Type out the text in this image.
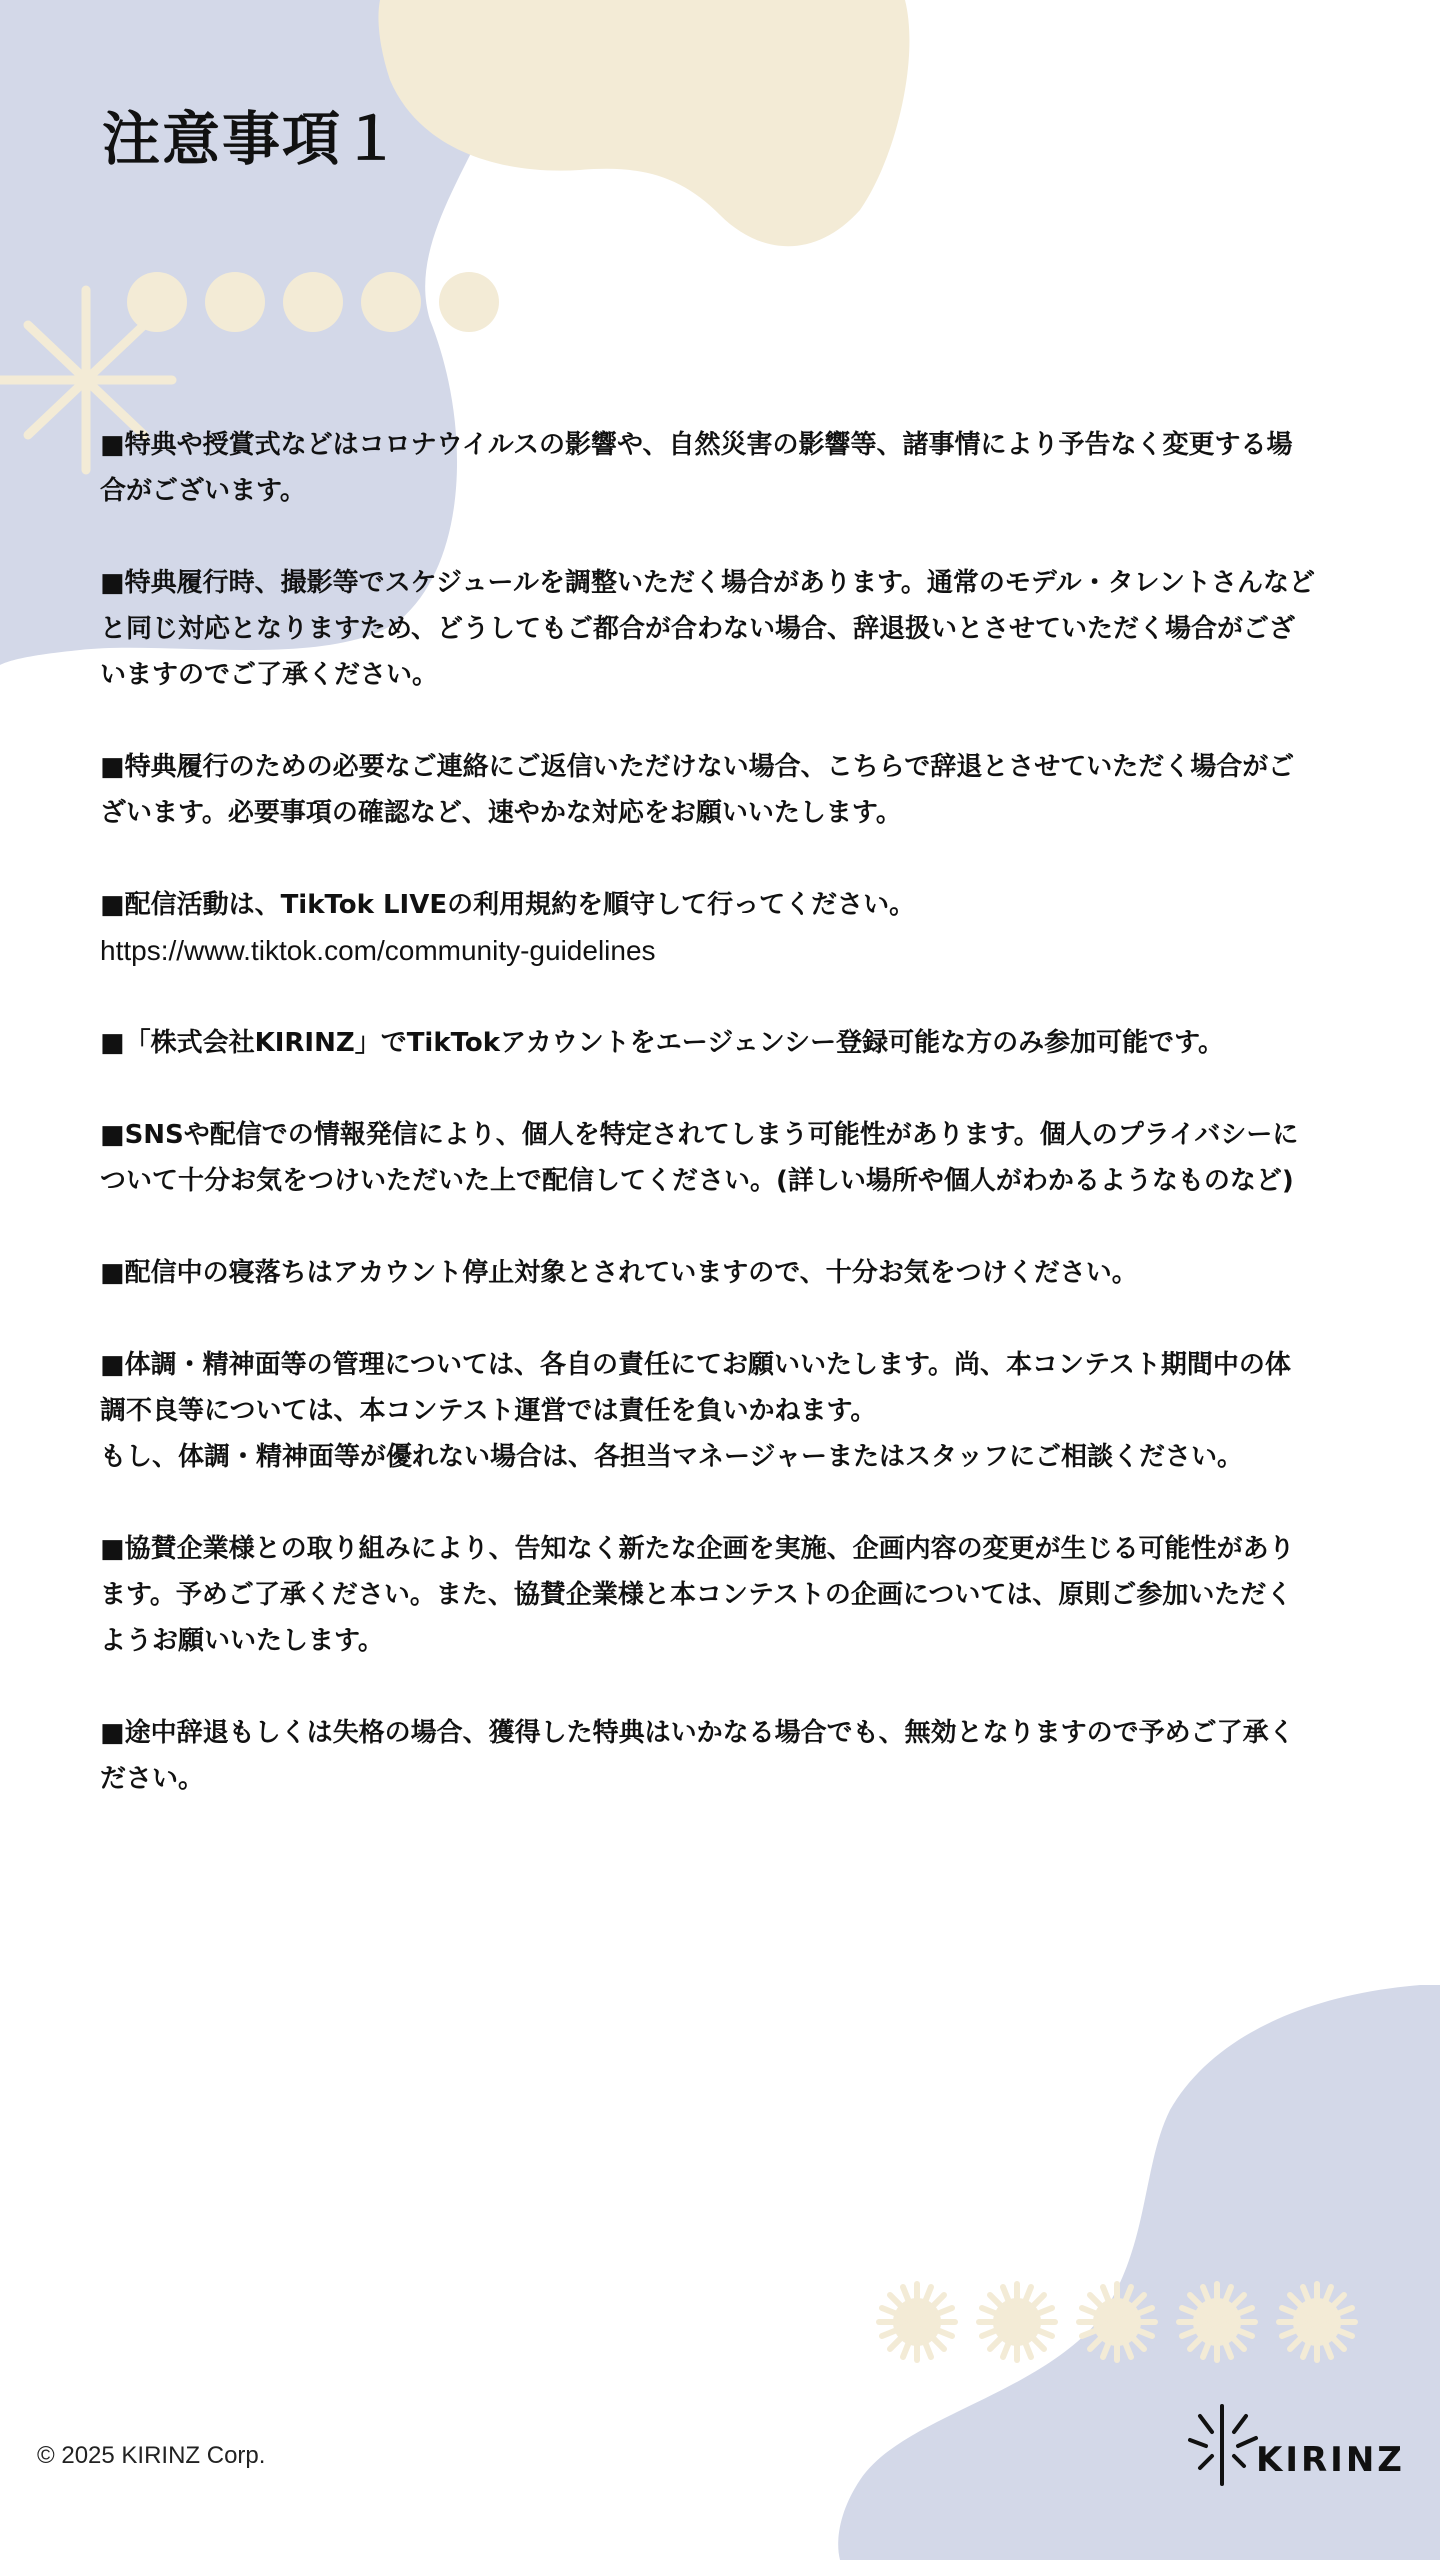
注意事項１

■特典や授賞式などはコロナウイルスの影響や、自然災害の影響等、諸事情により予告なく変更する場合がございます。

■特典履行時、撮影等でスケジュールを調整いただく場合があります。通常のモデル・タレントさんなどと同じ対応となりますため、どうしてもご都合が合わない場合、辞退扱いとさせていただく場合がございますのでご了承ください。

■特典履行のための必要なご連絡にご返信いただけない場合、こちらで辞退とさせていただく場合がございます。必要事項の確認など、速やかな対応をお願いいたします。

■配信活動は、TikTok LIVEの利用規約を順守して行ってください。
https://www.tiktok.com/community-guidelines

■「株式会社KIRINZ」でTikTokアカウントをエージェンシー登録可能な方のみ参加可能です。

■SNSや配信での情報発信により、個人を特定されてしまう可能性があります。個人のプライバシーについて十分お気をつけいただいた上で配信してください。(詳しい場所や個人がわかるようなものなど)

■配信中の寝落ちはアカウント停止対象とされていますので、十分お気をつけください。

■体調・精神面等の管理については、各自の責任にてお願いいたします。尚、本コンテスト期間中の体調不良等については、本コンテスト運営では責任を負いかねます。
もし、体調・精神面等が優れない場合は、各担当マネージャーまたはスタッフにご相談ください。

■協賛企業様との取り組みにより、告知なく新たな企画を実施、企画内容の変更が生じる可能性があります。予めご了承ください。また、協賛企業様と本コンテストの企画については、原則ご参加いただくようお願いいたします。

■途中辞退もしくは失格の場合、獲得した特典はいかなる場合でも、無効となりますので予めご了承ください。

© 2025 KIRINZ Corp.	KIRINZ
